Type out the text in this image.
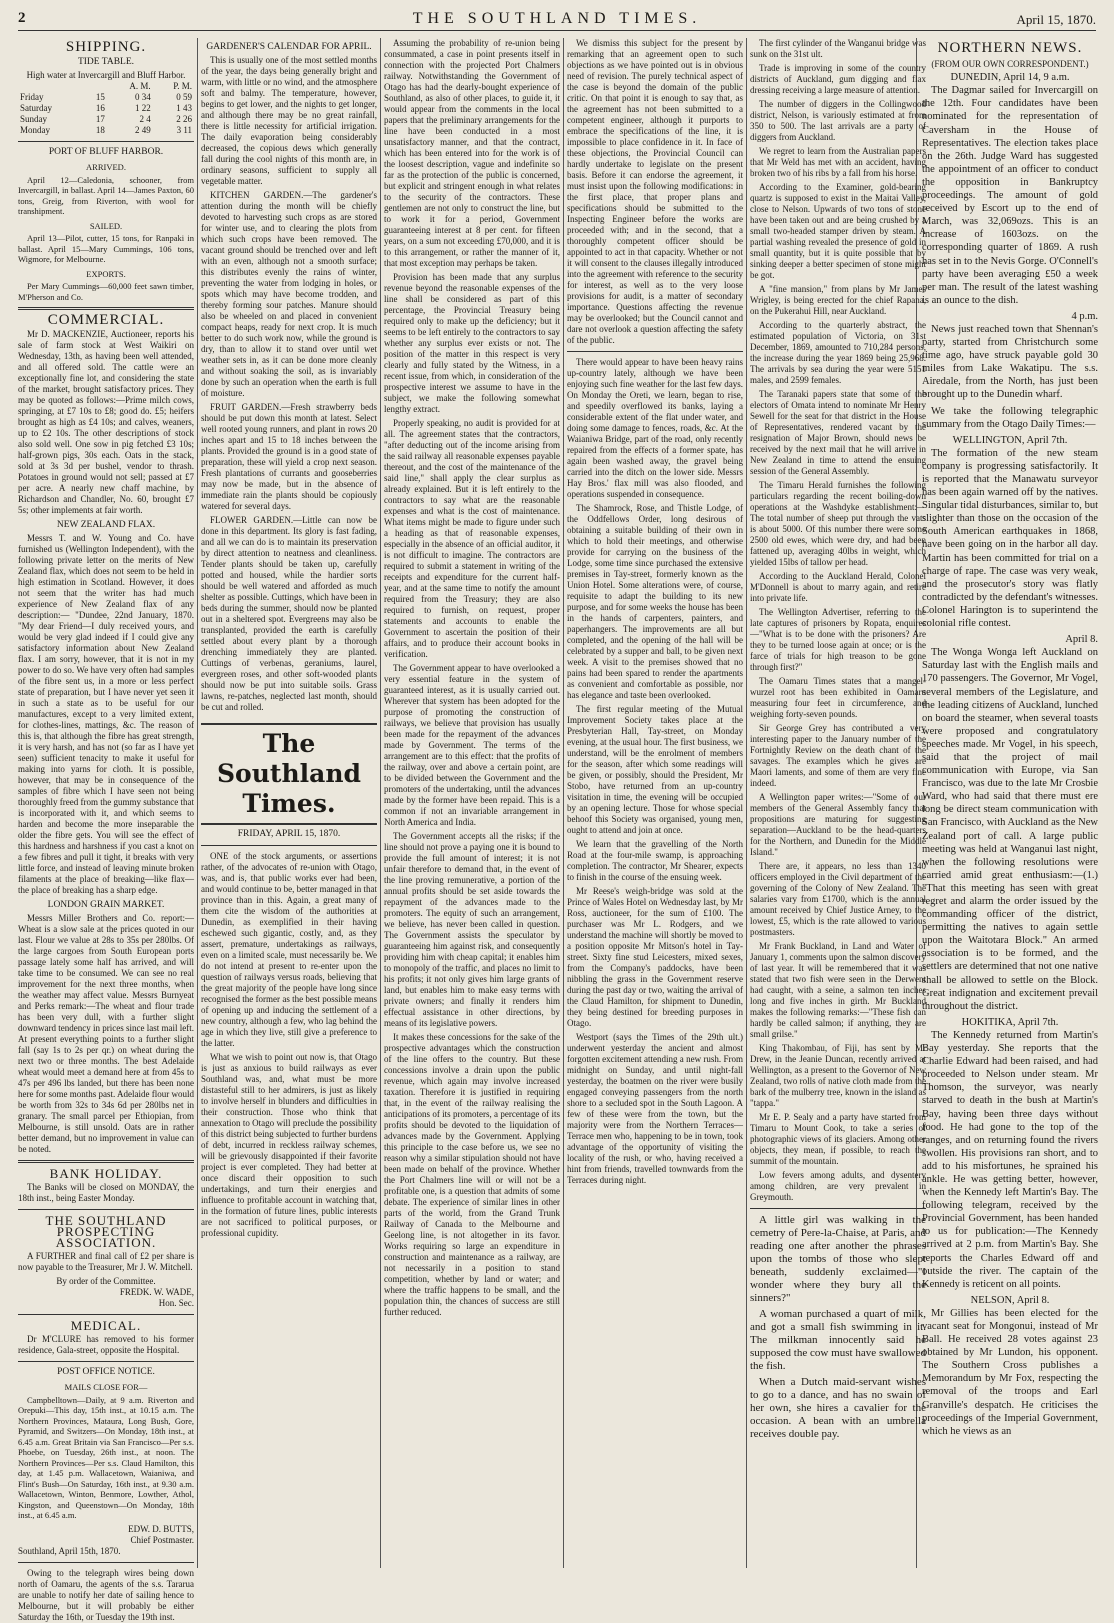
2	THE SOUTHLAND TIMES.	April 15, 1870.
SHIPPING.
TIDE TABLE.
High water at Invercargill and Bluff Harbor.
		A. M.	P. M.
Friday	15	0 34	0 59
Saturday	16	1 22	1 43
Sunday	17	2 4	2 26
Monday	18	2 49	3 11
PORT OF BLUFF HARBOR.
ARRIVED.

April 12—Caledonia, schooner, from Invercargill, in ballast. April 14—James Paxton, 60 tons, Greig, from Riverton, with wool for transhipment.

SAILED.

April 13—Pilot, cutter, 15 tons, for Ranpaki in ballast. April 15—Mary Cummings, 106 tons, Wigmore, for Melbourne.

EXPORTS.

Per Mary Cummings—60,000 feet sawn timber, M'Pherson and Co.

COMMERCIAL.

Mr D. MACKENZIE, Auctioneer, reports his sale of farm stock at West Waikiri on Wednesday, 13th, as having been well attended, and all offered sold. The cattle were an exceptionally fine lot, and considering the state of the market, brought satisfactory prices. They may be quoted as follows:—Prime milch cows, springing, at £7 10s to £8; good do. £5; heifers brought as high as £4 10s; and calves, weaners, up to £2 10s. The other descriptions of stock also sold well. One sow in pig fetched £3 10s; half-grown pigs, 30s each. Oats in the stack, sold at 3s 3d per bushel, vendor to thrash. Potatoes in ground would not sell; passed at £7 per acre. A nearly new chaff machine, by Richardson and Chandler, No. 60, brought £7 5s; other implements at fair worth.

NEW ZEALAND FLAX.

Messrs T. and W. Young and Co. have furnished us (Wellington Independent), with the following private letter on the merits of New Zealand flax, which does not seem to be held in high estimation in Scotland. However, it does not seem that the writer has had much experience of New Zealand flax of any description:— "Dundee, 22nd January, 1870. "My dear Friend—I duly received yours, and would be very glad indeed if I could give any satisfactory information about New Zealand flax. I am sorry, however, that it is not in my power to do so. We have very often had samples of the fibre sent us, in a more or less perfect state of preparation, but I have never yet seen it in such a state as to be useful for our manufactures, except to a very limited extent, for clothes-lines, mattings, &c. The reason of this is, that although the fibre has great strength, it is very harsh, and has not (so far as I have yet seen) sufficient tenacity to make it useful for making into yarns for cloth. It is possible, however, that may be in consequence of the samples of fibre which I have seen not being thoroughly freed from the gummy substance that is incorporated with it, and which seems to harden and become the more inseparable the older the fibre gets. You will see the effect of this hardness and harshness if you cast a knot on a few fibres and pull it tight, it breaks with very little force, and instead of leaving minute broken filaments at the place of breaking—like flax—the place of breaking has a sharp edge.

LONDON GRAIN MARKET.

Messrs Miller Brothers and Co. report:—Wheat is a slow sale at the prices quoted in our last. Flour we value at 28s to 35s per 280lbs. Of the large cargoes from South European ports passage lately some half has arrived, and will take time to be consumed. We can see no real improvement for the next three months, when the weather may affect value. Messrs Burnyeat and Perks remark:—The wheat and flour trade has been very dull, with a further slight downward tendency in prices since last mail left. At present everything points to a further slight fall (say 1s to 2s per qr.) on wheat during the next two or three months. The best Adelaide wheat would meet a demand here at from 45s to 47s per 496 lbs landed, but there has been none here for some months past. Adelaide flour would be worth from 32s to 34s 6d per 280lbs net in granary. The small parcel per Ethiopian, from Melbourne, is still unsold. Oats are in rather better demand, but no improvement in value can be noted.

BANK HOLIDAY.

The Banks will be closed on MONDAY, the 18th inst., being Easter Monday.

THE SOUTHLAND PROSPECTING ASSOCIATION.

A FURTHER and final call of £2 per share is now payable to the Treasurer, Mr J. W. Mitchell.

By order of the Committee.
FREDK. W. WADE,
Hon. Sec.
MEDICAL.

Dr M'CLURE has removed to his former residence, Gala-street, opposite the Hospital.

POST OFFICE NOTICE.
MAILS CLOSE FOR—

Campbelltown—Daily, at 9 a.m. Riverton and Orepuki—This day, 15th inst., at 10.15 a.m. The Northern Provinces, Mataura, Long Bush, Gore, Pyramid, and Switzers—On Monday, 18th inst., at 6.45 a.m. Great Britain via San Francisco—Per s.s. Phoebe, on Tuesday, 26th inst., at noon. The Northern Provinces—Per s.s. Claud Hamilton, this day, at 1.45 p.m. Wallacetown, Waianiwa, and Flint's Bush—On Saturday, 16th inst., at 9.30 a.m. Wallacetown, Winton, Benmore, Lowther, Athol, Kingston, and Queenstown—On Monday, 18th inst., at 6.45 a.m.

EDW. D. BUTTS,
Chief Postmaster.
Southland, April 15th, 1870.

Owing to the telegraph wires being down north of Oamaru, the agents of the s.s. Tararua are unable to notify her date of sailing hence to Melbourne, but it will probably be either Saturday the 16th, or Tuesday the 19th inst.

GARDENER'S CALENDAR FOR APRIL.

This is usually one of the most settled months of the year, the days being generally bright and warm, with little or no wind, and the atmosphere soft and balmy. The temperature, however, begins to get lower, and the nights to get longer, and although there may be no great rainfall, there is little necessity for artificial irrigation. The daily evaporation being considerably decreased, the copious dews which generally fall during the cool nights of this month are, in ordinary seasons, sufficient to supply all vegetable matter.

KITCHEN GARDEN.—The gardener's attention during the month will be chiefly devoted to harvesting such crops as are stored for winter use, and to clearing the plots from which such crops have been removed. The vacant ground should be trenched over and left with an even, although not a smooth surface; this distributes evenly the rains of winter, preventing the water from lodging in holes, or spots which may have become trodden, and thereby forming sour patches. Manure should also be wheeled on and placed in convenient compact heaps, ready for next crop. It is much better to do such work now, while the ground is dry, than to allow it to stand over until wet weather sets in, as it can be done more cleanly and without soaking the soil, as is invariably done by such an operation when the earth is full of moisture.

FRUIT GARDEN.—Fresh strawberry beds should be put down this month at latest. Select well rooted young runners, and plant in rows 20 inches apart and 15 to 18 inches between the plants. Provided the ground is in a good state of preparation, these will yield a crop next season. Fresh plantations of currants and gooseberries may now be made, but in the absence of immediate rain the plants should be copiously watered for several days.

FLOWER GARDEN.—Little can now be done in this department. Its glory is fast fading, and all we can do is to maintain its preservation by direct attention to neatness and cleanliness. Tender plants should be taken up, carefully potted and housed, while the hardier sorts should be well watered and afforded as much shelter as possible. Cuttings, which have been in beds during the summer, should now be planted out in a sheltered spot. Evergreens may also be transplanted, provided the earth is carefully settled about every plant by a thorough drenching immediately they are planted. Cuttings of verbenas, geraniums, laurel, evergreen roses, and other soft-wooded plants should now be put into suitable soils. Grass lawns, re-patches, neglected last month, should be cut and rolled.

The Southland Times.
FRIDAY, APRIL 15, 1870.

ONE of the stock arguments, or assertions rather, of the advocates of re-union with Otago, was, and is, that public works ever had been, and would continue to be, better managed in that province than in this. Again, a great many of them cite the wisdom of the authorities at Dunedin, as exemplified in their having eschewed such gigantic, costly, and, as they assert, premature, undertakings as railways, even on a limited scale, must necessarily be. We do not intend at present to re-enter upon the question of railways versus roads, believing that the great majority of the people have long since recognised the former as the best possible means of opening up and inducing the settlement of a new country, although a few, who lag behind the age in which they live, still give a preference to the latter.

What we wish to point out now is, that Otago is just as anxious to build railways as ever Southland was, and, what must be more distasteful still to her admirers, is just as likely to involve herself in blunders and difficulties in their construction. Those who think that annexation to Otago will preclude the possibility of this district being subjected to further burdens of debt, incurred in reckless railway schemes, will be grievously disappointed if their favorite project is ever completed. They had better at once discard their opposition to such undertakings, and turn their energies and influence to profitable account in watching that, in the formation of future lines, public interests are not sacrificed to political purposes, or professional cupidity.

Assuming the probability of re-union being consummated, a case in point presents itself in connection with the projected Port Chalmers railway. Notwithstanding the Government of Otago has had the dearly-bought experience of Southland, as also of other places, to guide it, it would appear from the comments in the local papers that the preliminary arrangements for the line have been conducted in a most unsatisfactory manner, and that the contract, which has been entered into for the work is of the loosest description, vague and indefinite so far as the protection of the public is concerned, but explicit and stringent enough in what relates to the security of the contractors. These gentlemen are not only to construct the line, but to work it for a period, Government guaranteeing interest at 8 per cent. for fifteen years, on a sum not exceeding £70,000, and it is to this arrangement, or rather the manner of it, that most exception may perhaps be taken.

Provision has been made that any surplus revenue beyond the reasonable expenses of the line shall be considered as part of this percentage, the Provincial Treasury being required only to make up the deficiency; but it seems to be left entirely to the contractors to say whether any surplus ever exists or not. The position of the matter in this respect is very clearly and fully stated by the Witness, in a recent issue, from which, in consideration of the prospective interest we assume to have in the subject, we make the following somewhat lengthy extract.

Properly speaking, no audit is provided for at all. The agreement states that the contractors, "after deducting out of the income arising from the said railway all reasonable expenses payable thereout, and the cost of the maintenance of the said line," shall apply the clear surplus as already explained. But it is left entirely to the contractors to say what are the reasonable expenses and what is the cost of maintenance. What items might be made to figure under such a heading as that of reasonable expenses, especially in the absence of an official auditor, it is not difficult to imagine. The contractors are required to submit a statement in writing of the receipts and expenditure for the current half-year, and at the same time to notify the amount required from the Treasury; they are also required to furnish, on request, proper statements and accounts to enable the Government to ascertain the position of their affairs, and to produce their account books in verification.

The Government appear to have overlooked a very essential feature in the system of guaranteed interest, as it is usually carried out. Wherever that system has been adopted for the purpose of promoting the construction of railways, we believe that provision has usually been made for the repayment of the advances made by Government. The terms of the arrangement are to this effect: that the profits of the railway, over and above a certain point, are to be divided between the Government and the promoters of the undertaking, until the advances made by the former have been repaid. This is a common if not an invariable arrangement in North America and India.

The Government accepts all the risks; if the line should not prove a paying one it is bound to provide the full amount of interest; it is not unfair therefore to demand that, in the event of the line proving remunerative, a portion of the annual profits should be set aside towards the repayment of the advances made to the promoters. The equity of such an arrangement, we believe, has never been called in question. The Government assists the speculator by guaranteeing him against risk, and consequently providing him with cheap capital; it enables him to monopoly of the traffic, and places no limit to his profits; it not only gives him large grants of land, but enables him to make easy terms with private owners; and finally it renders him effectual assistance in other directions, by means of its legislative powers.

It makes these concessions for the sake of the prospective advantages which the construction of the line offers to the country. But these concessions involve a drain upon the public revenue, which again may involve increased taxation. Therefore it is justified in requiring that, in the event of the railway realising the anticipations of its promoters, a percentage of its profits should be devoted to the liquidation of advances made by the Government. Applying this principle to the case before us, we see no reason why a similar stipulation should not have been made on behalf of the province. Whether the Port Chalmers line will or will not be a profitable one, is a question that admits of some debate. The experience of similar lines in other parts of the world, from the Grand Trunk Railway of Canada to the Melbourne and Geelong line, is not altogether in its favor. Works requiring so large an expenditure in construction and maintenance as a railway, are not necessarily in a position to stand competition, whether by land or water; and where the traffic happens to be small, and the population thin, the chances of success are still further reduced.

We dismiss this subject for the present by remarking that an agreement open to such objections as we have pointed out is in obvious need of revision. The purely technical aspect of the case is beyond the domain of the public critic. On that point it is enough to say that, as the agreement has not been submitted to a competent engineer, although it purports to embrace the specifications of the line, it is impossible to place confidence in it. In face of these objections, the Provincial Council can hardly undertake to legislate on the present basis. Before it can endorse the agreement, it must insist upon the following modifications: in the first place, that proper plans and specifications should be submitted to the Inspecting Engineer before the works are proceeded with; and in the second, that a thoroughly competent officer should be appointed to act in that capacity. Whether or not it will consent to the clauses illegally introduced into the agreement with reference to the security for interest, as well as to the very loose provisions for audit, is a matter of secondary importance. Questions affecting the revenue may be overlooked; but the Council cannot and dare not overlook a question affecting the safety of the public.

There would appear to have been heavy rains up-country lately, although we have been enjoying such fine weather for the last few days. On Monday the Oreti, we learn, began to rise, and speedily overflowed its banks, laying a considerable extent of the flat under water, and doing some damage to fences, roads, &c. At the Waianiwa Bridge, part of the road, only recently repaired from the effects of a former spate, has again been washed away, the gravel being carried into the ditch on the lower side. Messrs Hay Bros.' flax mill was also flooded, and operations suspended in consequence.

The Shamrock, Rose, and Thistle Lodge, of the Oddfellows Order, long desirous of obtaining a suitable building of their own in which to hold their meetings, and otherwise provide for carrying on the business of the Lodge, some time since purchased the extensive premises in Tay-street, formerly known as the Union Hotel. Some alterations were, of course, requisite to adapt the building to its new purpose, and for some weeks the house has been in the hands of carpenters, painters, and paperhangers. The improvements are all but completed, and the opening of the hall will be celebrated by a supper and ball, to be given next week. A visit to the premises showed that no pains had been spared to render the apartments as convenient and comfortable as possible, nor has elegance and taste been overlooked.

The first regular meeting of the Mutual Improvement Society takes place at the Presbyterian Hall, Tay-street, on Monday evening, at the usual hour. The first business, we understand, will be the enrolment of members for the season, after which some readings will be given, or possibly, should the President, Mr Stobo, have returned from an up-country visitation in time, the evening will be occupied by an opening lecture. Those for whose special behoof this Society was organised, young men, ought to attend and join at once.

We learn that the gravelling of the North Road at the four-mile swamp, is approaching completion. The contractor, Mr Shearer, expects to finish in the course of the ensuing week.

Mr Reese's weigh-bridge was sold at the Prince of Wales Hotel on Wednesday last, by Mr Ross, auctioneer, for the sum of £100. The purchaser was Mr L. Rodgers, and we understand the machine will shortly be moved to a position opposite Mr Mitson's hotel in Tay-street. Sixty fine stud Leicesters, mixed sexes, from the Company's paddocks, have been nibbling the grass in the Government reserve during the past day or two, waiting the arrival of the Claud Hamilton, for shipment to Dunedin, they being destined for breeding purposes in Otago.

Westport (says the Times of the 29th ult.) underwent yesterday the ancient and almost forgotten excitement attending a new rush. From midnight on Sunday, and until night-fall yesterday, the boatmen on the river were busily engaged conveying passengers from the north shore to a secluded spot in the South Lagoon. A few of these were from the town, but the majority were from the Northern Terraces—Terrace men who, happening to be in town, took advantage of the opportunity of visiting the locality of the rush, or who, having received a hint from friends, travelled townwards from the Terraces during night.

The first cylinder of the Wanganui bridge was sunk on the 31st ult.

Trade is improving in some of the country districts of Auckland, gum digging and flax dressing receiving a large measure of attention.

The number of diggers in the Collingwood district, Nelson, is variously estimated at from 350 to 500. The last arrivals are a party of diggers from Auckland.

We regret to learn from the Australian papers that Mr Weld has met with an accident, having broken two of his ribs by a fall from his horse.

According to the Examiner, gold-bearing quartz is supposed to exist in the Maitai Valley, close to Nelson. Upwards of two tons of stone have been taken out and are being crushed by a small two-headed stamper driven by steam. A partial washing revealed the presence of gold in small quantity, but it is quite possible that by sinking deeper a better specimen of stone might be got.

A "fine mansion," from plans by Mr James Wrigley, is being erected for the chief Rapana, on the Pukerahui Hill, near Auckland.

According to the quarterly abstract, the estimated population of Victoria, on 31st December, 1869, amounted to 710,284 persons, the increase during the year 1869 being 25,968. The arrivals by sea during the year were 5151 males, and 2599 females.

The Taranaki papers state that some of the electors of Omata intend to nominate Mr Henry Sewell for the seat for that district in the House of Representatives, rendered vacant by the resignation of Major Brown, should news be received by the next mail that he will arrive in New Zealand in time to attend the ensuing session of the General Assembly.

The Timaru Herald furnishes the following particulars regarding the recent boiling-down operations at the Washdyke establishment:—The total number of sheep put through the vats is about 5000. Of this number there were some 2500 old ewes, which were dry, and had been fattened up, averaging 40lbs in weight, which yielded 15lbs of tallow per head.

According to the Auckland Herald, Colonel M'Donnell is about to marry again, and retire into private life.

The Wellington Advertiser, referring to the late captures of prisoners by Ropata, enquires—"What is to be done with the prisoners? Are they to be turned loose again at once; or is the farce of trials for high treason to be gone through first?"

The Oamaru Times states that a mangel-wurzel root has been exhibited in Oamaru measuring four feet in circumference, and weighing forty-seven pounds.

Sir George Grey has contributed a very interesting paper to the January number of the Fortnightly Review on the death chant of the savages. The examples which he gives are Maori laments, and some of them are very fine indeed.

A Wellington paper writes:—"Some of our members of the General Assembly fancy that propositions are maturing for suggesting separation—Auckland to be the head-quarters for the Northern, and Dunedin for the Middle Island."

There are, it appears, no less than 1340 officers employed in the Civil department of the governing of the Colony of New Zealand. The salaries vary from £1700, which is the annual amount received by Chief Justice Arney, to the lowest, £5, which is the rate allowed to various postmasters.

Mr Frank Buckland, in Land and Water of January 1, comments upon the salmon discovery of last year. It will be remembered that it was stated that two fish were seen in the Derwent had caught, with a seine, a salmon ten inches long and five inches in girth. Mr Buckland makes the following remarks:—"These fish can hardly be called salmon; if anything, they are small grilse."

King Thakombau, of Fiji, has sent by Mr Drew, in the Jeanie Duncan, recently arrived at Wellington, as a present to the Governor of New Zealand, two rolls of native cloth made from the bark of the mulberry tree, known in the island as "tappa."

Mr E. P. Sealy and a party have started from Timaru to Mount Cook, to take a series of photographic views of its glaciers. Among other objects, they mean, if possible, to reach the summit of the mountain.

Low fevers among adults, and dysentery among children, are very prevalent in Greymouth.

A little girl was walking in the cemetry of Pere-la-Chaise, at Paris, and reading one after another the phrases upon the tombs of those who slept beneath, suddenly exclaimed—"I wonder where they bury all the sinners?"

A woman purchased a quart of milk, and got a small fish swimming in it. The milkman innocently said he supposed the cow must have swallowed the fish.

When a Dutch maid-servant wishes to go to a dance, and has no swain of her own, she hires a cavalier for the occasion. A bean with an umbrella receives double pay.

NORTHERN NEWS.
(FROM OUR OWN CORRESPONDENT.)
DUNEDIN, April 14, 9 a.m.

The Dagmar sailed for Invercargill on the 12th. Four candidates have been nominated for the representation of Caversham in the House of Representatives. The election takes place on the 26th. Judge Ward has suggested the appointment of an officer to conduct the opposition in Bankruptcy proceedings. The amount of gold received by Escort up to the end of March, was 32,069ozs. This is an increase of 1603ozs. on the corresponding quarter of 1869. A rush has set in to the Nevis Gorge. O'Connell's party have been averaging £50 a week per man. The result of the latest washing is an ounce to the dish.

4 p.m.

News just reached town that Shennan's party, started from Christchurch some time ago, have struck payable gold 30 miles from Lake Wakatipu. The s.s. Airedale, from the North, has just been brought up to the Dunedin wharf.

We take the following telegraphic summary from the Otago Daily Times:—

WELLINGTON, April 7th.

The formation of the new steam company is progressing satisfactorily. It is reported that the Manawatu surveyor has been again warned off by the natives. Singular tidal disturbances, similar to, but slighter than those on the occasion of the South American earthquakes in 1868, have been going on in the harbor all day. Martin has been committed for trial on a charge of rape. The case was very weak, and the prosecutor's story was flatly contradicted by the defendant's witnesses. Colonel Harington is to superintend the colonial rifle contest.

April 8.

The Wonga Wonga left Auckland on Saturday last with the English mails and 170 passengers. The Governor, Mr Vogel, several members of the Legislature, and the leading citizens of Auckland, lunched on board the steamer, when several toasts were proposed and congratulatory speeches made. Mr Vogel, in his speech, said that the project of mail communication with Europe, via San Francisco, was due to the late Mr Crosbie Ward, who had said that there must ere long be direct steam communication with San Francisco, with Auckland as the New Zealand port of call. A large public meeting was held at Wanganui last night, when the following resolutions were carried amid great enthusiasm:—(1.) "That this meeting has seen with great regret and alarm the order issued by the commanding officer of the district, permitting the natives to again settle upon the Waitotara Block." An armed association is to be formed, and the settlers are determined that not one native shall be allowed to settle on the Block. Great indignation and excitement prevail throughout the district.

HOKITIKA, April 7th.

The Kennedy returned from Martin's Bay yesterday. She reports that the Charlie Edward had been raised, and had proceeded to Nelson under steam. Mr Thomson, the surveyor, was nearly starved to death in the bush at Martin's Bay, having been three days without food. He had gone to the top of the ranges, and on returning found the rivers swollen. His provisions ran short, and to add to his misfortunes, he sprained his ankle. He was getting better, however, when the Kennedy left Martin's Bay. The following telegram, received by the Provincial Government, has been handed to us for publication:—The Kennedy arrived at 2 p.m. from Martin's Bay. She reports the Charles Edward off and outside the river. The captain of the Kennedy is reticent on all points.

NELSON, April 8.

Mr Gillies has been elected for the vacant seat for Mongonui, instead of Mr Ball. He received 28 votes against 23 obtained by Mr Lundon, his opponent. The Southern Cross publishes a Memorandum by Mr Fox, respecting the removal of the troops and Earl Granville's despatch. He criticises the proceedings of the Imperial Government, which he views as an
